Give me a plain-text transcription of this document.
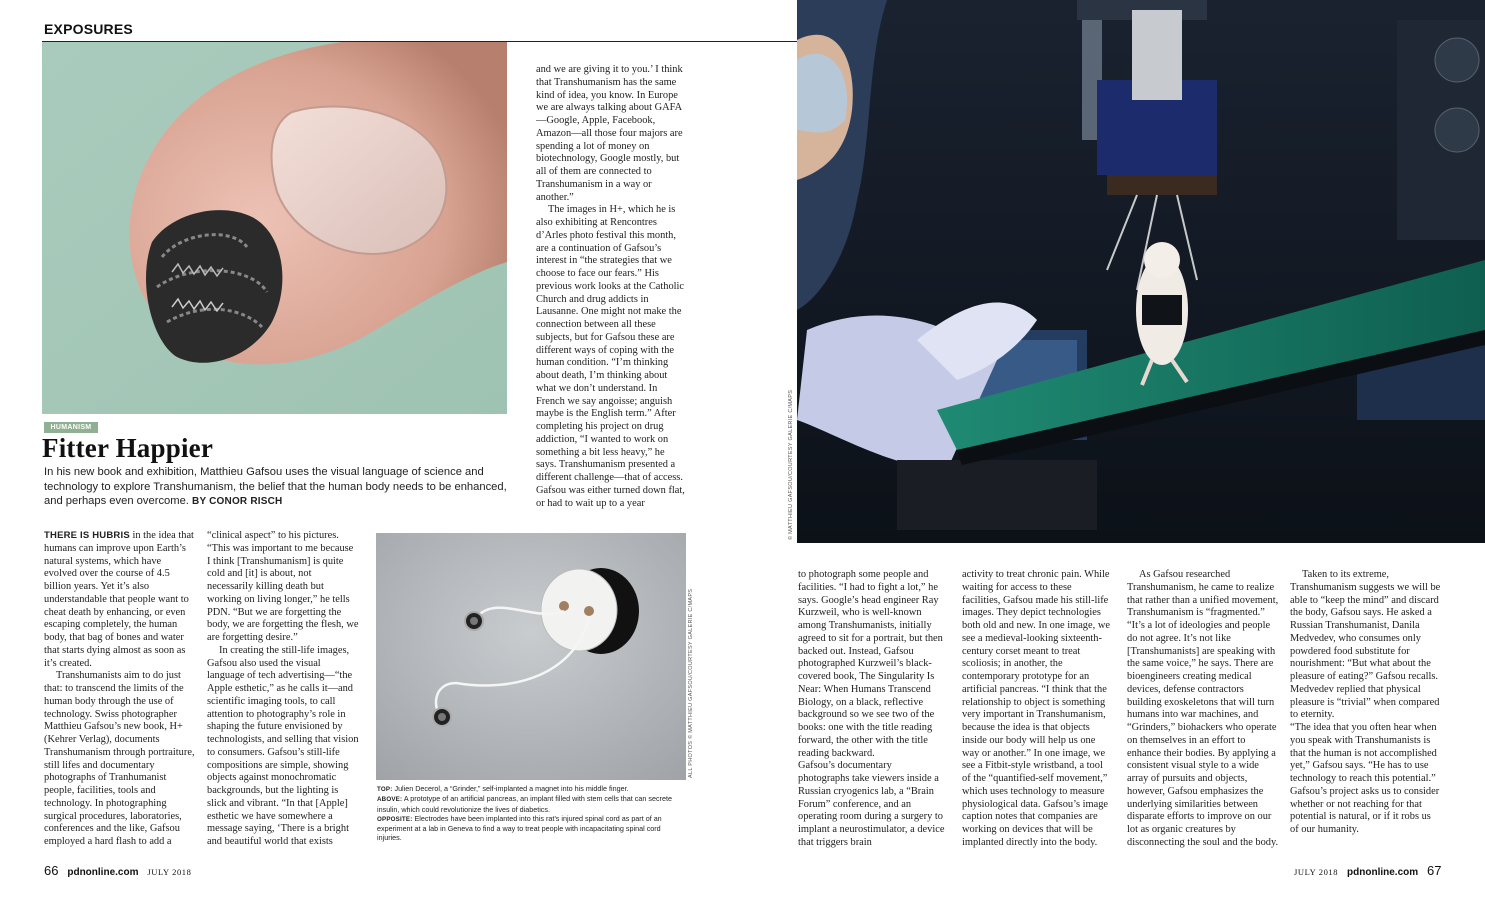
EXPOSURES

and we are giving it to you.’ I think that Transhumanism has the same kind of idea, you know. In Europe we are always talking about GAFA—Google, Apple, Facebook, Amazon—all those four majors are spending a lot of money on biotechnology, Google mostly, but all of them are connected to Transhumanism in a way or another.”

The images in H+, which he is also exhibiting at Rencontres d’Arles photo festival this month, are a continuation of Gafsou’s interest in “the strategies that we choose to face our fears.” His previous work looks at the Catholic Church and drug addicts in Lausanne. One might not make the connection between all these subjects, but for Gafsou these are different ways of coping with the human condition. “I’m thinking about death, I’m thinking about what we don’t understand. In French we say angoisse; anguish maybe is the English term.” After completing his project on drug addiction, “I wanted to work on something a bit less heavy,” he says. Transhumanism presented a different challenge—that of access. Gafsou was either turned down flat, or had to wait up to a year

HUMANISM
Fitter Happier
In his new book and exhibition, Matthieu Gafsou uses the visual language of science and technology to explore Transhumanism, the belief that the human body needs to be enhanced, and perhaps even overcome. BY CONOR RISCH

THERE IS HUBRIS in the idea that humans can improve upon Earth’s natural systems, which have evolved over the course of 4.5 billion years. Yet it’s also understandable that people want to cheat death by enhancing, or even escaping completely, the human body, that bag of bones and water that starts dying almost as soon as it’s created.

Transhumanists aim to do just that: to transcend the limits of the human body through the use of technology. Swiss photographer Matthieu Gafsou’s new book, H+ (Kehrer Verlag), documents Transhumanism through portraiture, still lifes and documentary photographs of Tranhumanist people, facilities, tools and technology. In photographing surgical procedures, laboratories, conferences and the like, Gafsou employed a hard flash to add a

“clinical aspect” to his pictures. “This was important to me because I think [Transhumanism] is quite cold and [it] is about, not necessarily killing death but working on living longer,” he tells PDN. “But we are forgetting the body, we are forgetting the flesh, we are forgetting desire.”

In creating the still-life images, Gafsou also used the visual language of tech advertising—“the Apple esthetic,” as he calls it—and scientific imaging tools, to call attention to photography’s role in shaping the future envisioned by technologists, and selling that vision to consumers. Gafsou’s still-life compositions are simple, showing objects against monochromatic backgrounds, but the lighting is slick and vibrant. “In that [Apple] esthetic we have somewhere a message saying, ‘There is a bright and beautiful world that exists

ALL PHOTOS © MATTHIEU GAFSOU/COURTESY GALERIE C/MAPS
TOP: Julien Decerol, a “Grinder,” self-implanted a magnet into his middle finger.
ABOVE: A prototype of an artificial pancreas, an implant filled with stem cells that can secrete insulin, which could revolutionize the lives of diabetics.
OPPOSITE: Electrodes have been implanted into this rat’s injured spinal cord as part of an experiment at a lab in Geneva to find a way to treat people with incapacitating spinal cord injuries.
66 pdnonline.com JULY 2018
© MATTHIEU GAFSOU/COURTESY GALERIE C/MAPS
to photograph some people and facilities. “I had to fight a lot,” he says. Google’s head engineer Ray Kurzweil, who is well-known among Transhumanists, initially agreed to sit for a portrait, but then backed out. Instead, Gafsou photographed Kurzweil’s black-covered book, The Singularity Is Near: When Humans Transcend Biology, on a black, reflective background so we see two of the books: one with the title reading forward, the other with the title reading backward.
Gafsou’s documentary photographs take viewers inside a Russian cryogenics lab, a “Brain Forum” conference, and an operating room during a surgery to implant a neurostimulator, a device that triggers brain
activity to treat chronic pain. While waiting for access to these facilities, Gafsou made his still-life images. They depict technologies both old and new. In one image, we see a medieval-looking sixteenth-century corset meant to treat scoliosis; in another, the contemporary prototype for an artificial pancreas. “I think that the relationship to object is something very important in Transhumanism, because the idea is that objects inside our body will help us one way or another.” In one image, we see a Fitbit-style wristband, a tool of the “quantified-self movement,” which uses technology to measure physiological data. Gafsou’s image caption notes that companies are working on devices that will be implanted directly into the body.
As Gafsou researched Transhumanism, he came to realize that rather than a unified movement, Transhumanism is “fragmented.” “It’s a lot of ideologies and people do not agree. It’s not like [Transhumanists] are speaking with the same voice,” he says. There are bioengineers creating medical devices, defense contractors building exoskeletons that will turn humans into war machines, and “Grinders,” biohackers who operate on themselves in an effort to enhance their bodies. By applying a consistent visual style to a wide array of pursuits and objects, however, Gafsou emphasizes the underlying similarities between disparate efforts to improve on our lot as organic creatures by disconnecting the soul and the body.
Taken to its extreme, Transhumanism suggests we will be able to “keep the mind” and discard the body, Gafsou says. He asked a Russian Transhumanist, Danila Medvedev, who consumes only powdered food substitute for nourishment: “But what about the pleasure of eating?” Gafsou recalls. Medvedev replied that physical pleasure is “trivial” when compared to eternity.
“The idea that you often hear when you speak with Transhumanists is that the human is not accomplished yet,” Gafsou says. “He has to use technology to reach this potential.” Gafsou’s project asks us to consider whether or not reaching for that potential is natural, or if it robs us of our humanity.
JULY 2018 pdnonline.com 67
